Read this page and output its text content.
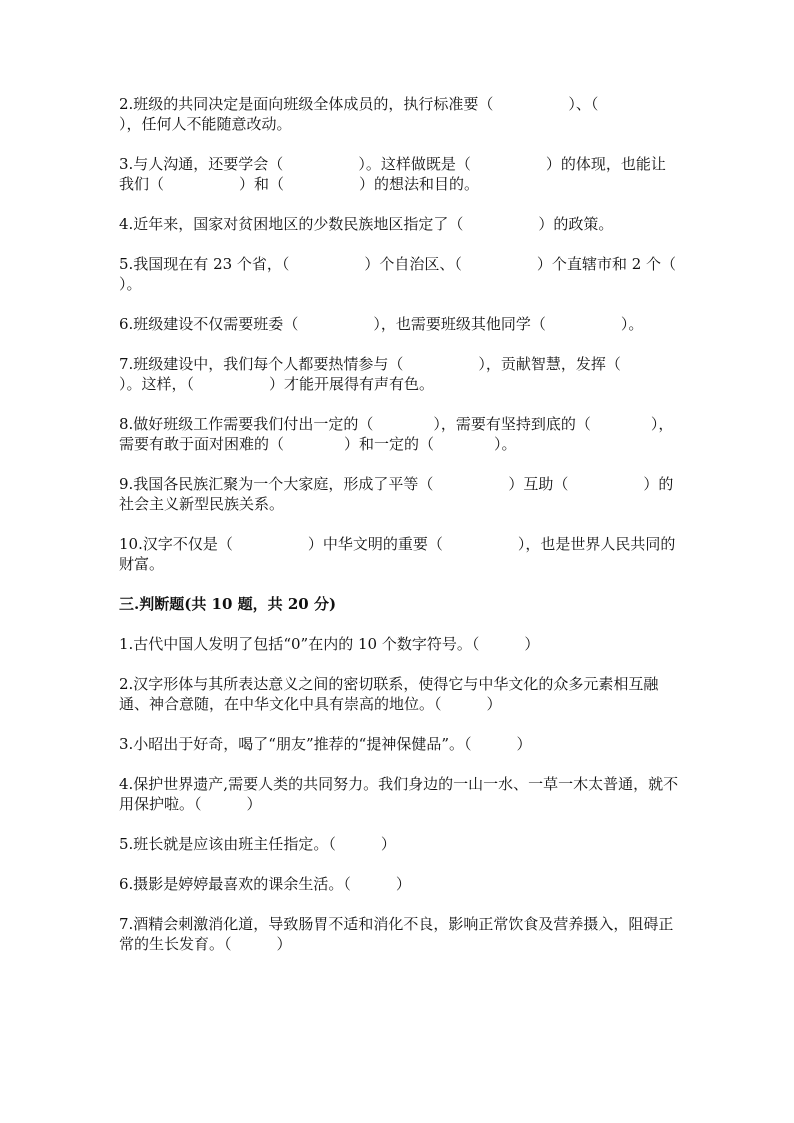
2.班级的共同决定是面向班级全体成员的，执行标准要（　　　　　）、（　　　　　　），任何人不能随意改动。
3.与人沟通，还要学会（　　　　　）。这样做既是（　　　　　）的体现，也能让我们（　　　　　）和（　　　　　）的想法和目的。
4.近年来，国家对贫困地区的少数民族地区指定了（　　　　　）的政策。
5.我国现在有 23 个省，（　　　　　）个自治区、（　　　　　）个直辖市和 2 个（　　　　　）。
6.班级建设不仅需要班委（　　　　　），也需要班级其他同学（　　　　　）。
7.班级建设中，我们每个人都要热情参与（　　　　　），贡献智慧，发挥（　　　　　）。这样，（　　　　　）才能开展得有声有色。
8.做好班级工作需要我们付出一定的（　　　　），需要有坚持到底的（　　　　），需要有敢于面对困难的（　　　　）和一定的（　　　　）。
9.我国各民族汇聚为一个大家庭，形成了平等（　　　　　）互助（　　　　　）的社会主义新型民族关系。
10.汉字不仅是（　　　　　）中华文明的重要（　　　　　），也是世界人民共同的财富。
三.判断题(共 10 题，共 20 分)
1.古代中国人发明了包括“0”在内的 10 个数字符号。（　　　）
2.汉字形体与其所表达意义之间的密切联系，使得它与中华文化的众多元素相互融通、神合意随，在中华文化中具有崇高的地位。（　　　）
3.小昭出于好奇，喝了“朋友”推荐的“提神保健品”。（　　　）
4.保护世界遗产,需要人类的共同努力。我们身边的一山一水、一草一木太普通，就不用保护啦。（　　　）
5.班长就是应该由班主任指定。（　　　）
6.摄影是婷婷最喜欢的课余生活。（　　　）
7.酒精会刺激消化道，导致肠胃不适和消化不良，影响正常饮食及营养摄入，阻碍正常的生长发育。（　　　）
